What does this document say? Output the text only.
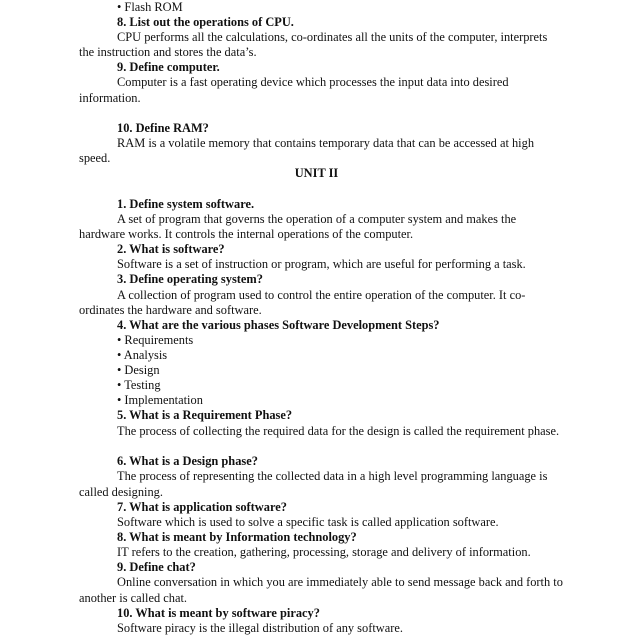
• Flash ROM
8. List out the operations of CPU.
CPU performs all the calculations, co-ordinates all the units of the computer, interprets
the instruction and stores the data’s.
9. Define computer.
Computer is a fast operating device which processes the input data into desired
information.
10. Define RAM?
RAM is a volatile memory that contains temporary data that can be accessed at high
speed.
UNIT II
1. Define system software.
A set of program that governs the operation of a computer system and makes the
hardware works. It controls the internal operations of the computer.
2. What is software?
Software is a set of instruction or program, which are useful for performing a task.
3. Define operating system?
A collection of program used to control the entire operation of the computer. It co-
ordinates the hardware and software.
4. What are the various phases Software Development Steps?
• Requirements
• Analysis
• Design
• Testing
• Implementation
5. What is a Requirement Phase?
The process of collecting the required data for the design is called the requirement phase.
6. What is a Design phase?
The process of representing the collected data in a high level programming language is
called designing.
7. What is application software?
Software which is used to solve a specific task is called application software.
8. What is meant by Information technology?
IT refers to the creation, gathering, processing, storage and delivery of information.
9. Define chat?
Online conversation in which you are immediately able to send message back and forth to
another is called chat.
10. What is meant by software piracy?
Software piracy is the illegal distribution of any software.
